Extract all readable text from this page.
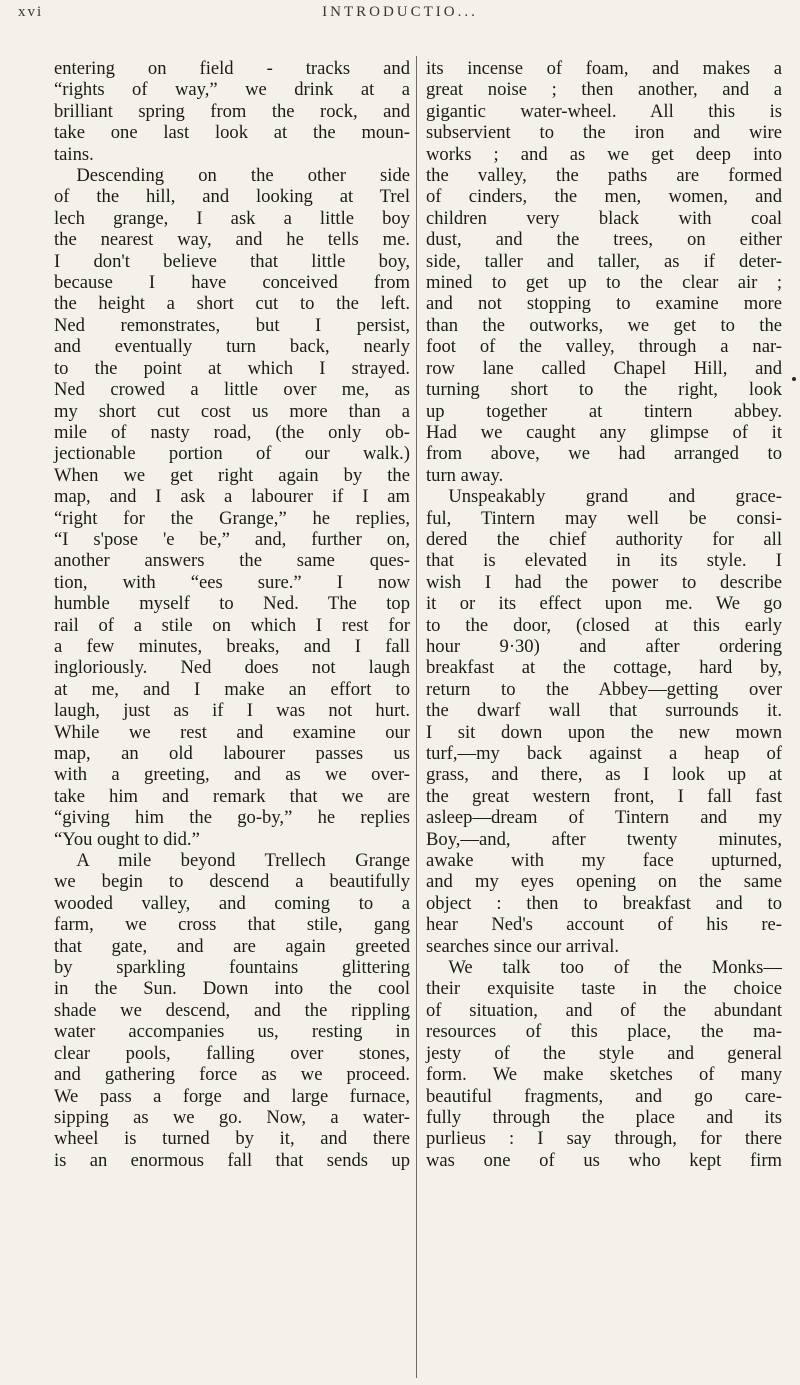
xvi	INTRODUCTIO...
entering on field - tracks and
“rights of way,” we drink at a
brilliant spring from the rock, and
take one last look at the moun-
tains.
Descending on the other side
of the hill, and looking at Trel
lech grange, I ask a little boy
the nearest way, and he tells me.
I don't believe that little boy,
because I have conceived from
the height a short cut to the left.
Ned remonstrates, but I persist,
and eventually turn back, nearly
to the point at which I strayed.
Ned crowed a little over me, as
my short cut cost us more than a
mile of nasty road, (the only ob-
jectionable portion of our walk.)
When we get right again by the
map, and I ask a labourer if I am
“right for the Grange,” he replies,
“I s'pose 'e be,” and, further on,
another answers the same ques-
tion, with “ees sure.” I now
humble myself to Ned. The top
rail of a stile on which I rest for
a few minutes, breaks, and I fall
ingloriously. Ned does not laugh
at me, and I make an effort to
laugh, just as if I was not hurt.
While we rest and examine our
map, an old labourer passes us
with a greeting, and as we over-
take him and remark that we are
“giving him the go-by,” he replies
“You ought to did.”
A mile beyond Trellech Grange
we begin to descend a beautifully
wooded valley, and coming to a
farm, we cross that stile, gang
that gate, and are again greeted
by sparkling fountains glittering
in the Sun. Down into the cool
shade we descend, and the rippling
water accompanies us, resting in
clear pools, falling over stones,
and gathering force as we proceed.
We pass a forge and large furnace,
sipping as we go. Now, a water-
wheel is turned by it, and there
is an enormous fall that sends up
its incense of foam, and makes a
great noise ; then another, and a
gigantic water-wheel. All this is
subservient to the iron and wire
works ; and as we get deep into
the valley, the paths are formed
of cinders, the men, women, and
children very black with coal
dust, and the trees, on either
side, taller and taller, as if deter-
mined to get up to the clear air ;
and not stopping to examine more
than the outworks, we get to the
foot of the valley, through a nar-
row lane called Chapel Hill, and
turning short to the right, look
up together at tintern abbey.
Had we caught any glimpse of it
from above, we had arranged to
turn away.
Unspeakably grand and grace-
ful, Tintern may well be consi-
dered the chief authority for all
that is elevated in its style. I
wish I had the power to describe
it or its effect upon me. We go
to the door, (closed at this early
hour 9·30) and after ordering
breakfast at the cottage, hard by,
return to the Abbey—getting over
the dwarf wall that surrounds it.
I sit down upon the new mown
turf,—my back against a heap of
grass, and there, as I look up at
the great western front, I fall fast
asleep—dream of Tintern and my
Boy,—and, after twenty minutes,
awake with my face upturned,
and my eyes opening on the same
object : then to breakfast and to
hear Ned's account of his re-
searches since our arrival.
We talk too of the Monks—
their exquisite taste in the choice
of situation, and of the abundant
resources of this place, the ma-
jesty of the style and general
form. We make sketches of many
beautiful fragments, and go care-
fully through the place and its
purlieus : I say through, for there
was one of us who kept firm
